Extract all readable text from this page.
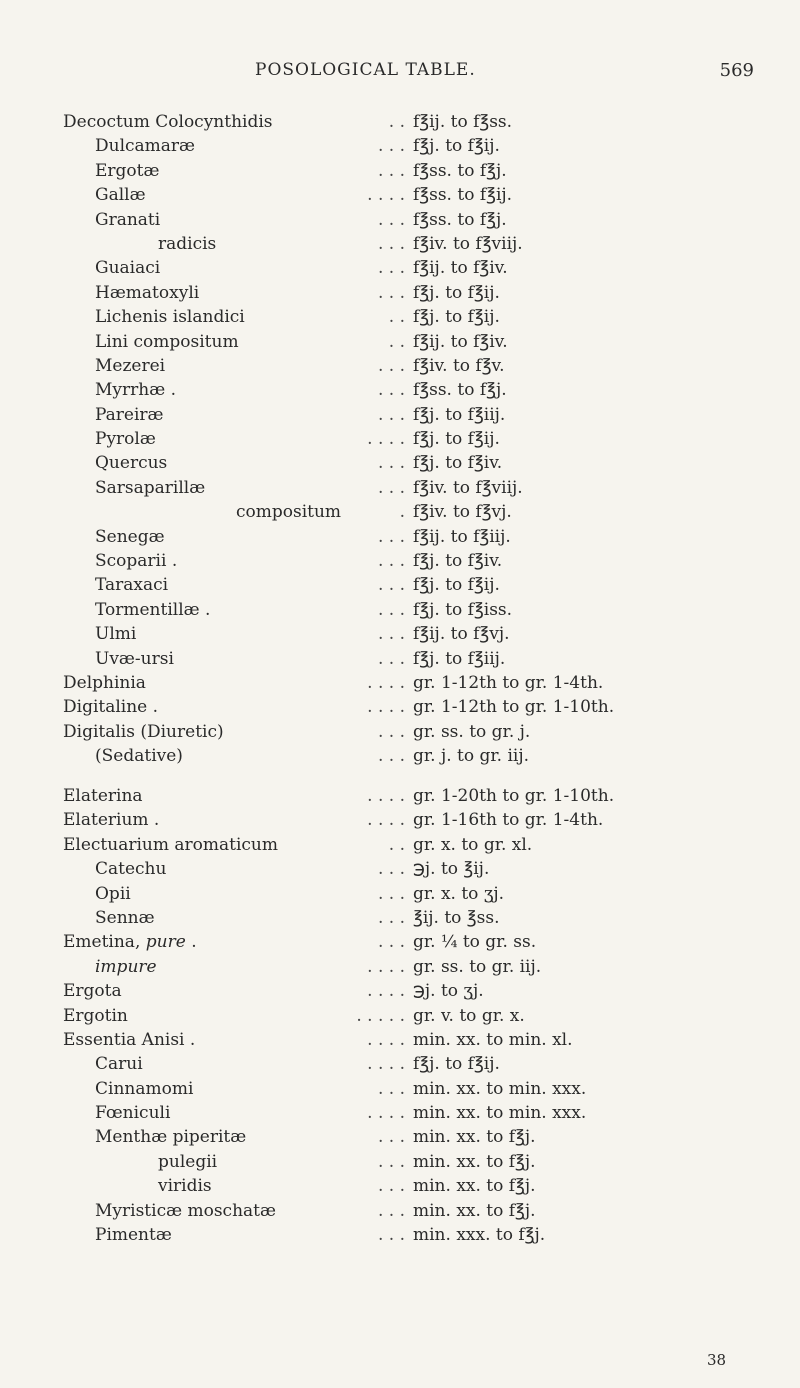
POSOLOGICAL TABLE.	569
Decoctum Colocynthidis	. . f℥ij. to f℥ss.
Dulcamaræ	. . . f℥j. to f℥ij.
Ergotæ	. . . f℥ss. to f℥j.
Gallæ	. . . . f℥ss. to f℥ij.
Granati	. . . f℥ss. to f℥j.
radicis	. . . f℥iv. to f℥viij.
Guaiaci	. . . f℥ij. to f℥iv.
Hæmatoxyli	. . . f℥j. to f℥ij.
Lichenis islandici	. . f℥j. to f℥ij.
Lini compositum	. . f℥ij. to f℥iv.
Mezerei	. . . f℥iv. to f℥v.
Myrrhæ .	. . . f℥ss. to f℥j.
Pareiræ	. . . f℥j. to f℥iij.
Pyrolæ	. . . . f℥j. to f℥ij.
Quercus	. . . f℥j. to f℥iv.
Sarsaparillæ	. . . f℥iv. to f℥viij.
compositum	. f℥iv. to f℥vj.
Senegæ	. . . f℥ij. to f℥iij.
Scoparii .	. . . f℥j. to f℥iv.
Taraxaci	. . . f℥j. to f℥ij.
Tormentillæ .	. . . f℥j. to f℥iss.
Ulmi	. . . f℥ij. to f℥vj.
Uvæ-ursi	. . . f℥j. to f℥iij.
Delphinia	. . . . gr. 1-12th to gr. 1-4th.
Digitaline .	. . . . gr. 1-12th to gr. 1-10th.
Digitalis (Diuretic)	. . . gr. ss. to gr. j.
(Sedative)	. . . gr. j. to gr. iij.
Elaterina	. . . . gr. 1-20th to gr. 1-10th.
Elaterium .	. . . . gr. 1-16th to gr. 1-4th.
Electuarium aromaticum	. . gr. x. to gr. xl.
Catechu	. . . ℈j. to ℥ij.
Opii	. . . gr. x. to ʒj.
Sennæ	. . . ℥ij. to ℥ss.
Emetina, pure .	. . . gr. ¼ to gr. ss.
impure	. . . . gr. ss. to gr. iij.
Ergota	. . . . ℈j. to ʒj.
Ergotin	. . . . . gr. v. to gr. x.
Essentia Anisi .	. . . . min. xx. to min. xl.
Carui	. . . . f℥j. to f℥ij.
Cinnamomi	. . . min. xx. to min. xxx.
Fœniculi	. . . . min. xx. to min. xxx.
Menthæ piperitæ	. . . min. xx. to f℥j.
pulegii	. . . min. xx. to f℥j.
viridis	. . . min. xx. to f℥j.
Myristicæ moschatæ	. . . min. xx. to f℥j.
Pimentæ	. . . min. xxx. to f℥j.
38
